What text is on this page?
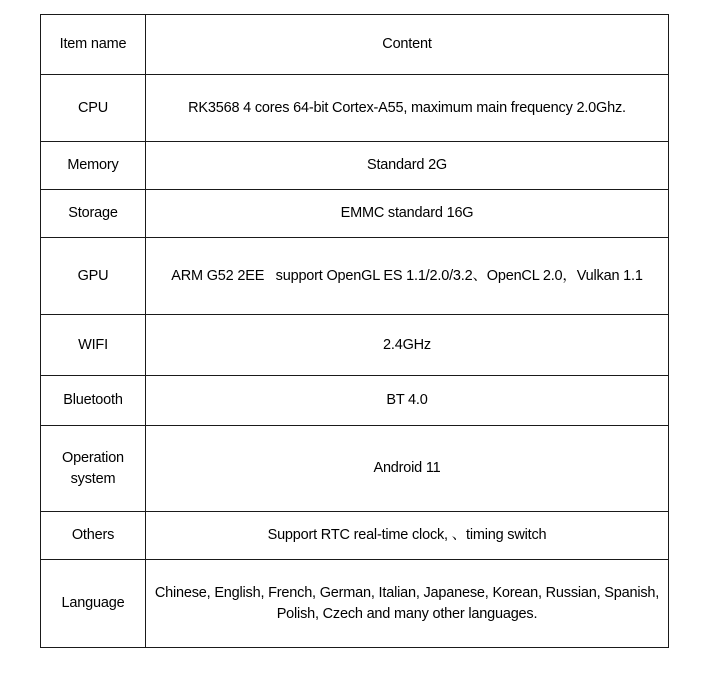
Item name	Content
CPU	RK3568 4 cores 64-bit Cortex-A55, maximum main frequency 2.0Ghz.
Memory	Standard 2G
Storage	EMMC standard 16G
GPU	ARM G52 2EE   support OpenGL ES 1.1/2.0/3.2、OpenCL 2.0，Vulkan 1.1
WIFI	2.4GHz
Bluetooth	BT 4.0
Operation system	Android 11
Others	Support RTC real-time clock, 、timing switch
Language	Chinese, English, French, German, Italian, Japanese, Korean, Russian, Spanish, Polish, Czech and many other languages.
